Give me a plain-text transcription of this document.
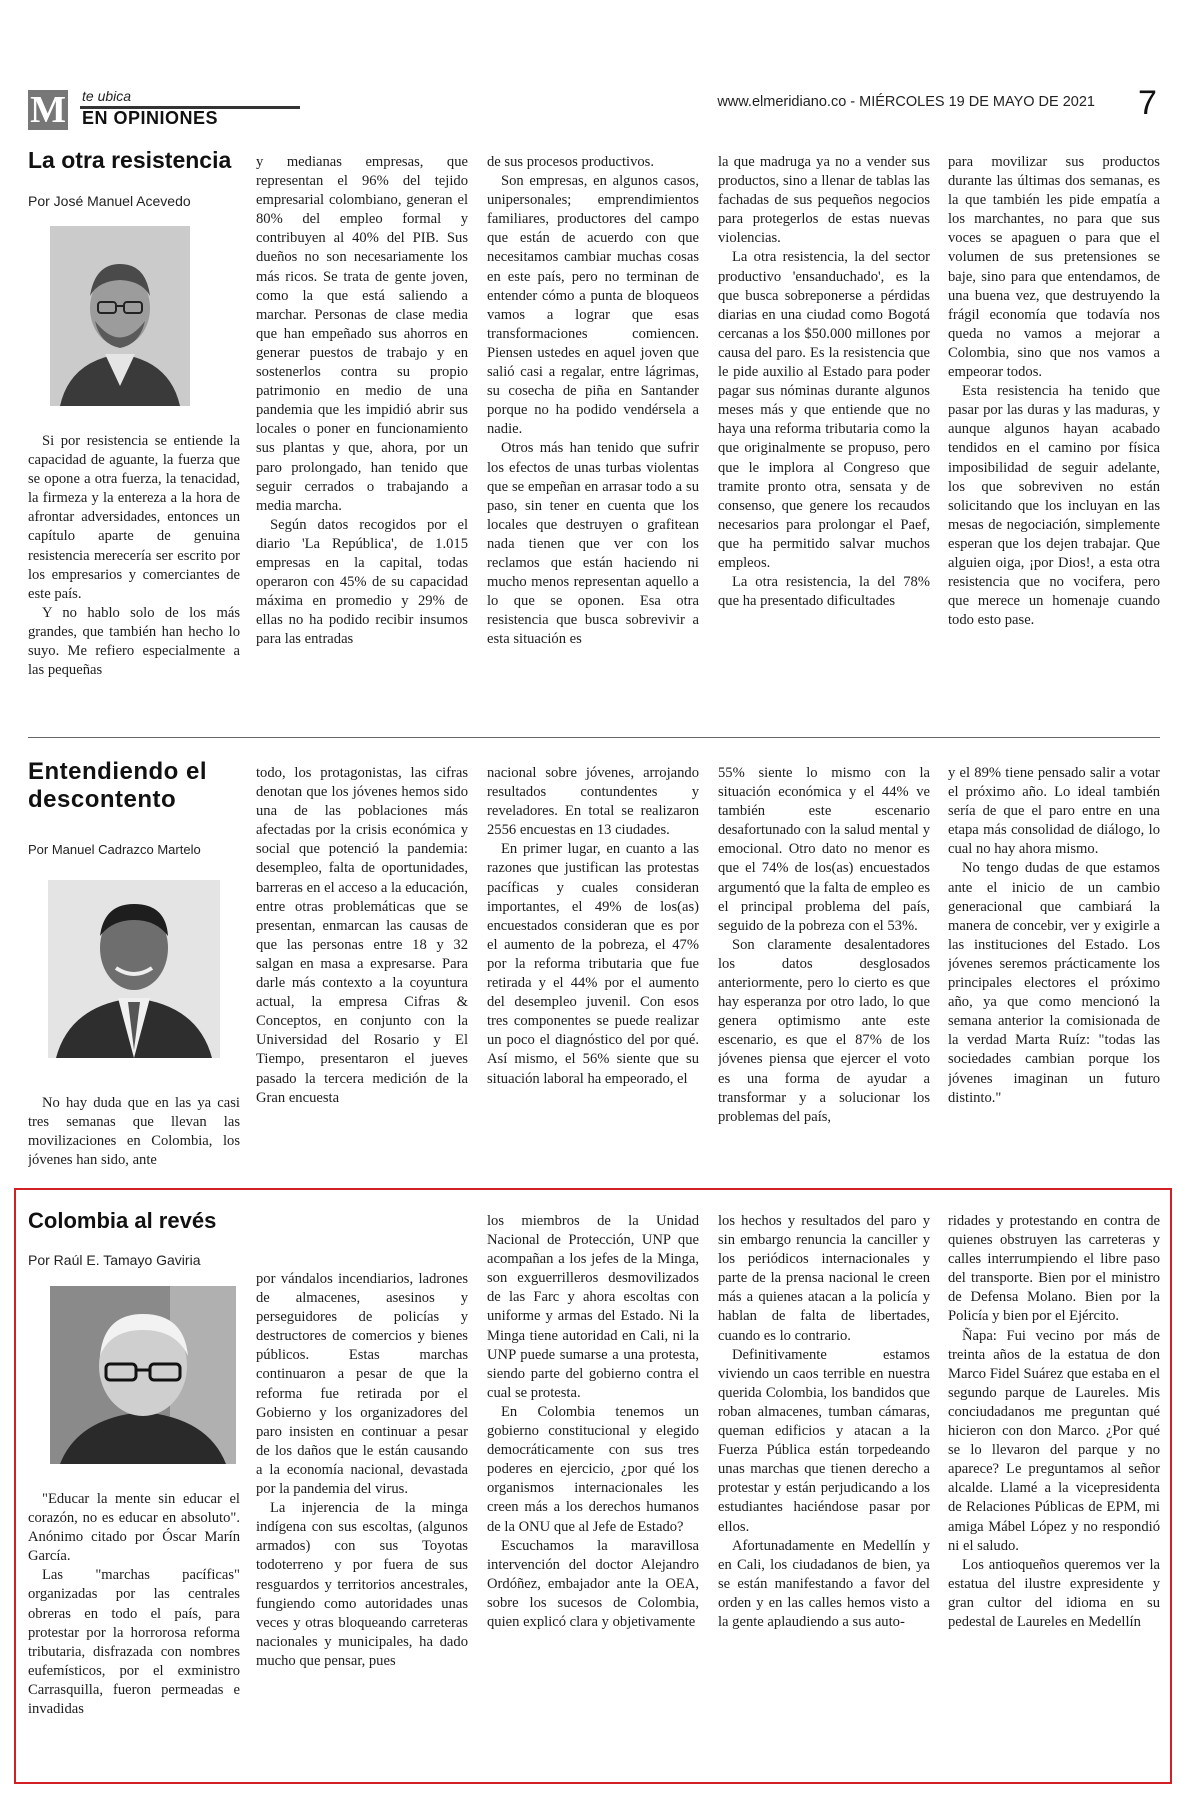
M te ubica
EN OPINIONES
www.elmeridiano.co - MIÉRCOLES 19 DE MAYO DE 2021 7
La otra resistencia
Por José Manuel Acevedo

Si por resistencia se entiende la capacidad de aguante, la fuerza que se opone a otra fuerza, la tenacidad, la firmeza y la entereza a la hora de afrontar adversidades, entonces un capítulo aparte de genuina resistencia merecería ser escrito por los empresarios y comerciantes de este país.

Y no hablo solo de los más grandes, que también han hecho lo suyo. Me refiero especialmente a las pequeñas

y medianas empresas, que representan el 96% del tejido empresarial colombiano, generan el 80% del empleo formal y contribuyen al 40% del PIB. Sus dueños no son necesariamente los más ricos. Se trata de gente joven, como la que está saliendo a marchar. Personas de clase media que han empeñado sus ahorros en generar puestos de trabajo y en sostenerlos contra su propio patrimonio en medio de una pandemia que les impidió abrir sus locales o poner en funcionamiento sus plantas y que, ahora, por un paro prolongado, han tenido que seguir cerrados o trabajando a media marcha.

Según datos recogidos por el diario 'La República', de 1.015 empresas en la capital, todas operaron con 45% de su capacidad máxima en promedio y 29% de ellas no ha podido recibir insumos para las entradas

de sus procesos productivos.

Son empresas, en algunos casos, unipersonales; emprendimientos familiares, productores del campo que están de acuerdo con que necesitamos cambiar muchas cosas en este país, pero no terminan de entender cómo a punta de bloqueos vamos a lograr que esas transformaciones comiencen. Piensen ustedes en aquel joven que salió casi a regalar, entre lágrimas, su cosecha de piña en Santander porque no ha podido vendérsela a nadie.

Otros más han tenido que sufrir los efectos de unas turbas violentas que se empeñan en arrasar todo a su paso, sin tener en cuenta que los locales que destruyen o grafitean nada tienen que ver con los reclamos que están haciendo ni mucho menos representan aquello a lo que se oponen. Esa otra resistencia que busca sobrevivir a esta situación es

la que madruga ya no a vender sus productos, sino a llenar de tablas las fachadas de sus pequeños negocios para protegerlos de estas nuevas violencias.

La otra resistencia, la del sector productivo 'ensanduchado', es la que busca sobreponerse a pérdidas diarias en una ciudad como Bogotá cercanas a los $50.000 millones por causa del paro. Es la resistencia que le pide auxilio al Estado para poder pagar sus nóminas durante algunos meses más y que entiende que no haya una reforma tributaria como la que originalmente se propuso, pero que le implora al Congreso que tramite pronto otra, sensata y de consenso, que genere los recaudos necesarios para prolongar el Paef, que ha permitido salvar muchos empleos.

La otra resistencia, la del 78% que ha presentado dificultades

para movilizar sus productos durante las últimas dos semanas, es la que también les pide empatía a los marchantes, no para que sus voces se apaguen o para que el volumen de sus pretensiones se baje, sino para que entendamos, de una buena vez, que destruyendo la frágil economía que todavía nos queda no vamos a mejorar a Colombia, sino que nos vamos a empeorar todos.

Esta resistencia ha tenido que pasar por las duras y las maduras, y aunque algunos hayan acabado tendidos en el camino por física imposibilidad de seguir adelante, los que sobreviven no están solicitando que los incluyan en las mesas de negociación, simplemente esperan que los dejen trabajar. Que alguien oiga, ¡por Dios!, a esta otra resistencia que no vocifera, pero que merece un homenaje cuando todo esto pase.

Entendiendo el descontento
Por Manuel Cadrazco Martelo

No hay duda que en las ya casi tres semanas que llevan las movilizaciones en Colombia, los jóvenes han sido, ante

todo, los protagonistas, las cifras denotan que los jóvenes hemos sido una de las poblaciones más afectadas por la crisis económica y social que potenció la pandemia: desempleo, falta de oportunidades, barreras en el acceso a la educación, entre otras problemáticas que se presentan, enmarcan las causas de que las personas entre 18 y 32 salgan en masa a expresarse. Para darle más contexto a la coyuntura actual, la empresa Cifras & Conceptos, en conjunto con la Universidad del Rosario y El Tiempo, presentaron el jueves pasado la tercera medición de la Gran encuesta

nacional sobre jóvenes, arrojando resultados contundentes y reveladores. En total se realizaron 2556 encuestas en 13 ciudades.

En primer lugar, en cuanto a las razones que justifican las protestas pacíficas y cuales consideran importantes, el 49% de los(as) encuestados consideran que es por el aumento de la pobreza, el 47% por la reforma tributaria que fue retirada y el 44% por el aumento del desempleo juvenil. Con esos tres componentes se puede realizar un poco el diagnóstico del por qué. Así mismo, el 56% siente que su situación laboral ha empeorado, el

55% siente lo mismo con la situación económica y el 44% ve también este escenario desafortunado con la salud mental y emocional. Otro dato no menor es que el 74% de los(as) encuestados argumentó que la falta de empleo es el principal problema del país, seguido de la pobreza con el 53%.

Son claramente desalentadores los datos desglosados anteriormente, pero lo cierto es que hay esperanza por otro lado, lo que genera optimismo ante este escenario, es que el 87% de los jóvenes piensa que ejercer el voto es una forma de ayudar a transformar y a solucionar los problemas del país,

y el 89% tiene pensado salir a votar el próximo año. Lo ideal también sería de que el paro entre en una etapa más consolidad de diálogo, lo cual no hay ahora mismo.

No tengo dudas de que estamos ante el inicio de un cambio generacional que cambiará la manera de concebir, ver y exigirle a las instituciones del Estado. Los jóvenes seremos prácticamente los principales electores el próximo año, ya que como mencionó la semana anterior la comisionada de la verdad Marta Ruíz: "todas las sociedades cambian porque los jóvenes imaginan un futuro distinto."

Colombia al revés
Por Raúl E. Tamayo Gaviria

"Educar la mente sin educar el corazón, no es educar en absoluto". Anónimo citado por Óscar Marín García.

Las "marchas pacíficas" organizadas por las centrales obreras en todo el país, para protestar por la horrorosa reforma tributaria, disfrazada con nombres eufemísticos, por el exministro Carrasquilla, fueron permeadas e invadidas

por vándalos incendiarios, ladrones de almacenes, asesinos y perseguidores de policías y destructores de comercios y bienes públicos. Estas marchas continuaron a pesar de que la reforma fue retirada por el Gobierno y los organizadores del paro insisten en continuar a pesar de los daños que le están causando a la economía nacional, devastada por la pandemia del virus.

La injerencia de la minga indígena con sus escoltas, (algunos armados) con sus Toyotas todoterreno y por fuera de sus resguardos y territorios ancestrales, fungiendo como autoridades unas veces y otras bloqueando carreteras nacionales y municipales, ha dado mucho que pensar, pues

los miembros de la Unidad Nacional de Protección, UNP que acompañan a los jefes de la Minga, son exguerrilleros desmovilizados de las Farc y ahora escoltas con uniforme y armas del Estado. Ni la Minga tiene autoridad en Cali, ni la UNP puede sumarse a una protesta, siendo parte del gobierno contra el cual se protesta.

En Colombia tenemos un gobierno constitucional y elegido democráticamente con sus tres poderes en ejercicio, ¿por qué los organismos internacionales les creen más a los derechos humanos de la ONU que al Jefe de Estado?

Escuchamos la maravillosa intervención del doctor Alejandro Ordóñez, embajador ante la OEA, sobre los sucesos de Colombia, quien explicó clara y objetivamente

los hechos y resultados del paro y sin embargo renuncia la canciller y los periódicos internacionales y parte de la prensa nacional le creen más a quienes atacan a la policía y hablan de falta de libertades, cuando es lo contrario.

Definitivamente estamos viviendo un caos terrible en nuestra querida Colombia, los bandidos que roban almacenes, tumban cámaras, queman edificios y atacan a la Fuerza Pública están torpedeando unas marchas que tienen derecho a protestar y están perjudicando a los estudiantes haciéndose pasar por ellos.

Afortunadamente en Medellín y en Cali, los ciudadanos de bien, ya se están manifestando a favor del orden y en las calles hemos visto a la gente aplaudiendo a sus auto-

ridades y protestando en contra de quienes obstruyen las carreteras y calles interrumpiendo el libre paso del transporte. Bien por el ministro de Defensa Molano. Bien por la Policía y bien por el Ejército.

Ñapa: Fui vecino por más de treinta años de la estatua de don Marco Fidel Suárez que estaba en el segundo parque de Laureles. Mis conciudadanos me preguntan qué hicieron con don Marco. ¿Por qué se lo llevaron del parque y no aparece? Le preguntamos al señor alcalde. Llamé a la vicepresidenta de Relaciones Públicas de EPM, mi amiga Mábel López y no respondió ni el saludo.

Los antioqueños queremos ver la estatua del ilustre expresidente y gran cultor del idioma en su pedestal de Laureles en Medellín
